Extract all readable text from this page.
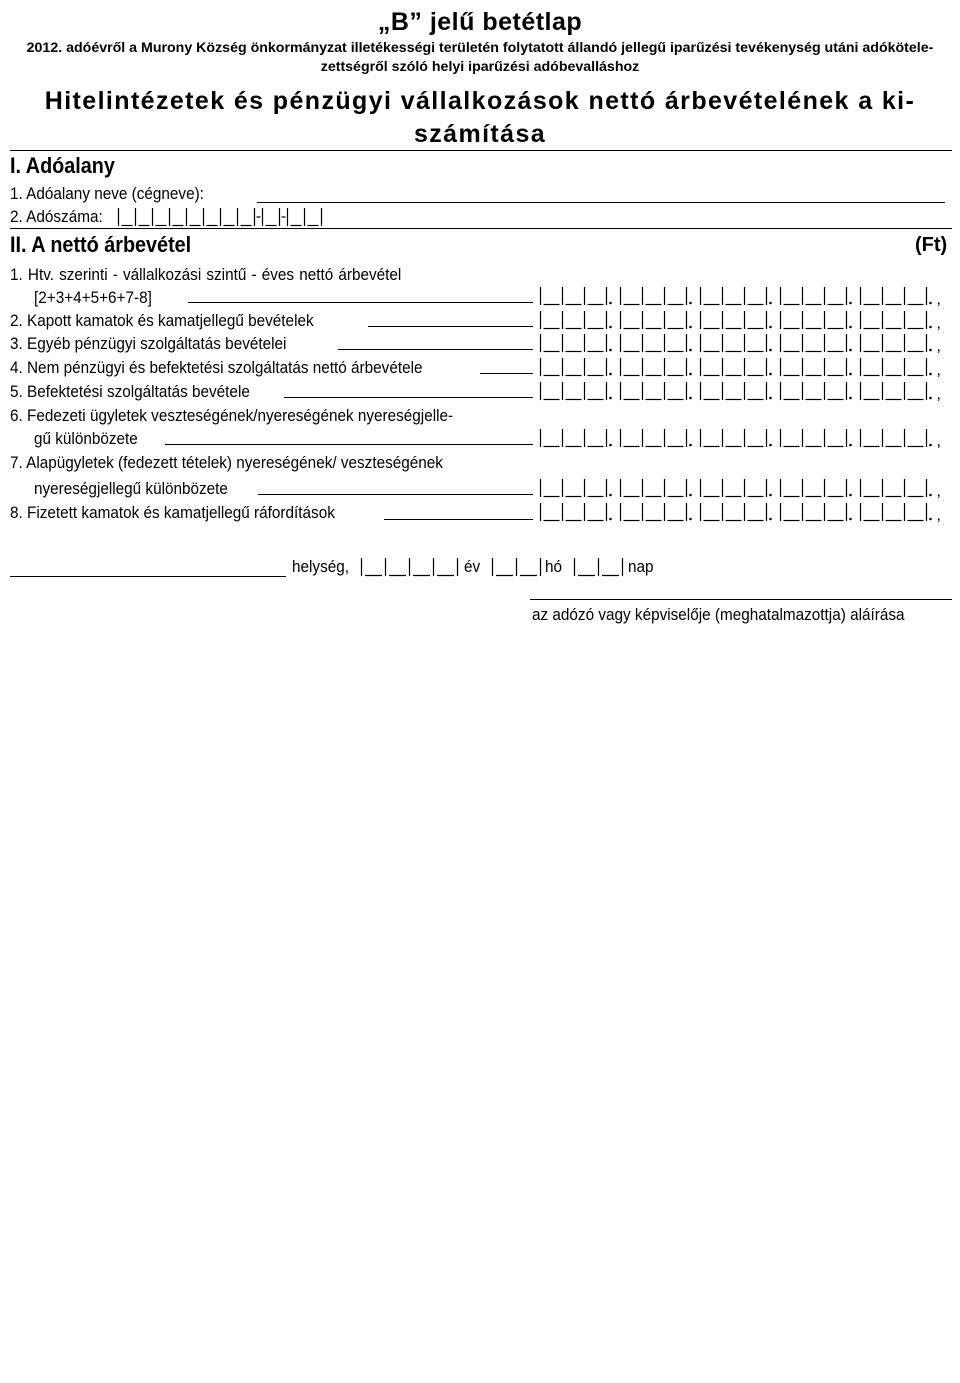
„B” jelű betétlap
2012. adóévről a Murony Község önkormányzat illetékességi területén folytatott állandó jellegű iparűzési tevékenység utáni adókötele-
zettségről szóló helyi iparűzési adóbevalláshoz
Hitelintézetek és pénzügyi vállalkozások nettó árbevételének a ki-
számítása
I. Adóalany
1. Adóalany neve (cégneve):
2. Adószáma:
II. A nettó árbevétel	(Ft)
1. Htv. szerinti - vállalkozási szintű - éves nettó árbevétel
[2+3+4+5+6+7-8]	,
2. Kapott kamatok és kamatjellegű bevételek	,
3. Egyéb pénzügyi szolgáltatás bevételei	,
4. Nem pénzügyi és befektetési szolgáltatás nettó árbevétele	,
5. Befektetési szolgáltatás bevétele	,
6. Fedezeti ügyletek veszteségének/nyereségének nyereségjelle-
gű különbözete	,
7. Alapügyletek (fedezett tételek) nyereségének/ veszteségének
nyereségjellegű különbözete	,
8. Fizetett kamatok és kamatjellegű ráfordítások	,
helység,	év	hó	nap
az adózó vagy képviselője (meghatalmazottja) aláírása
